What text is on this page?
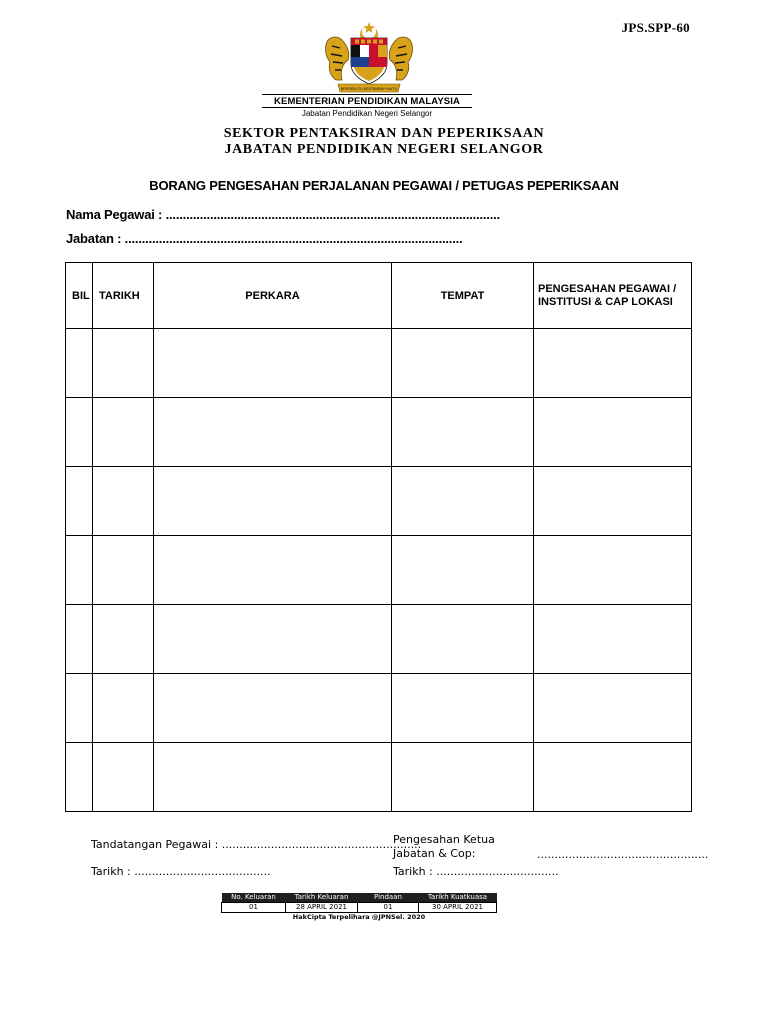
JPS.SPP-60
BERSEKUTU BERTAMBAH MUTU
KEMENTERIAN PENDIDIKAN MALAYSIA
Jabatan Pendidikan Negeri Selangor
SEKTOR PENTAKSIRAN DAN PEPERIKSAAN
JABATAN PENDIDIKAN NEGERI SELANGOR
BORANG PENGESAHAN PERJALANAN PEGAWAI / PETUGAS PEPERIKSAAN
Nama Pegawai : ..................................................................................................
Jabatan : ...................................................................................................
BIL	TARIKH	PERKARA	TEMPAT	PENGESAHAN PEGAWAI /
INSTITUSI & CAP LOKASI

Tandatangan Pegawai : .........................................................
Tarikh : .......................................
Pengesahan Ketua
Jabatan & Cop:	.................................................
Tarikh : ...................................
No. Keluaran	Tarikh Keluaran	Pindaan	Tarikh Kuatkuasa
01	28 APRIL 2021	01	30 APRIL 2021
HakCipta Terpelihara @JPNSel. 2020			
